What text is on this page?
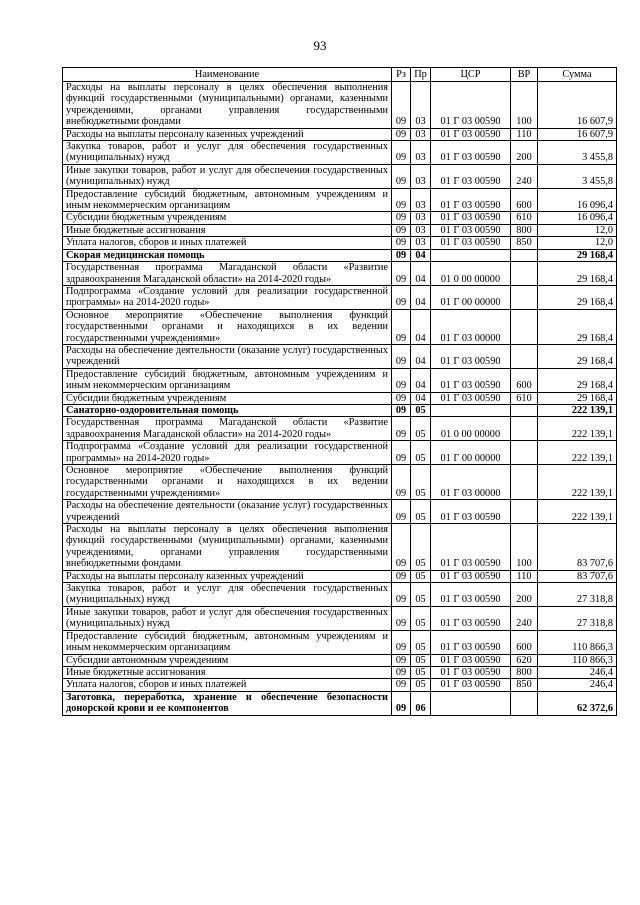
93
Наименование	Рз	Пр	ЦСР	ВР	Сумма
Расходы на выплаты персоналу в целях обеспечения выполнения функций государственными (муниципальными) органами, казенными учреждениями, органами управления государственными внебюджетными фондами	09	03	01 Г 03 00590	100	16 607,9
Расходы на выплаты персоналу казенных учреждений	09	03	01 Г 03 00590	110	16 607,9
Закупка товаров, работ и услуг для обеспечения государственных (муниципальных) нужд	09	03	01 Г 03 00590	200	3 455,8
Иные закупки товаров, работ и услуг для обеспечения государственных (муниципальных) нужд	09	03	01 Г 03 00590	240	3 455,8
Предоставление субсидий бюджетным, автономным учреждениям и иным некоммерческим организациям	09	03	01 Г 03 00590	600	16 096,4
Субсидии бюджетным учреждениям	09	03	01 Г 03 00590	610	16 096,4
Иные бюджетные ассигнования	09	03	01 Г 03 00590	800	12,0
Уплата налогов, сборов и иных платежей	09	03	01 Г 03 00590	850	12,0
Скорая медицинская помощь	09	04			29 168,4
Государственная программа Магаданской области «Развитие здравоохранения Магаданской области» на 2014-2020 годы»	09	04	01 0 00 00000		29 168,4
Подпрограмма «Создание условий для реализации государственной программы» на 2014-2020 годы»	09	04	01 Г 00 00000		29 168,4
Основное мероприятие «Обеспечение выполнения функций государственными органами и находящихся в их ведении государственными учреждениями»	09	04	01 Г 03 00000		29 168,4
Расходы на обеспечение деятельности (оказание услуг) государственных учреждений	09	04	01 Г 03 00590		29 168,4
Предоставление субсидий бюджетным, автономным учреждениям и иным некоммерческим организациям	09	04	01 Г 03 00590	600	29 168,4
Субсидии бюджетным учреждениям	09	04	01 Г 03 00590	610	29 168,4
Санаторно-оздоровительная помощь	09	05			222 139,1
Государственная программа Магаданской области «Развитие здравоохранения Магаданской области» на 2014-2020 годы»	09	05	01 0 00 00000		222 139,1
Подпрограмма «Создание условий для реализации государственной программы» на 2014-2020 годы»	09	05	01 Г 00 00000		222 139,1
Основное мероприятие «Обеспечение выполнения функций государственными органами и находящихся в их ведении государственными учреждениями»	09	05	01 Г 03 00000		222 139,1
Расходы на обеспечение деятельности (оказание услуг) государственных учреждений	09	05	01 Г 03 00590		222 139,1
Расходы на выплаты персоналу в целях обеспечения выполнения функций государственными (муниципальными) органами, казенными учреждениями, органами управления государственными внебюджетными фондами	09	05	01 Г 03 00590	100	83 707,6
Расходы на выплаты персоналу казенных учреждений	09	05	01 Г 03 00590	110	83 707,6
Закупка товаров, работ и услуг для обеспечения государственных (муниципальных) нужд	09	05	01 Г 03 00590	200	27 318,8
Иные закупки товаров, работ и услуг для обеспечения государственных (муниципальных) нужд	09	05	01 Г 03 00590	240	27 318,8
Предоставление субсидий бюджетным, автономным учреждениям и иным некоммерческим организациям	09	05	01 Г 03 00590	600	110 866,3
Субсидии автономным учреждениям	09	05	01 Г 03 00590	620	110 866,3
Иные бюджетные ассигнования	09	05	01 Г 03 00590	800	246,4
Уплата налогов, сборов и иных платежей	09	05	01 Г 03 00590	850	246,4
Заготовка, переработка, хранение и обеспечение безопасности донорской крови и ее компонентов	09	06			62 372,6
